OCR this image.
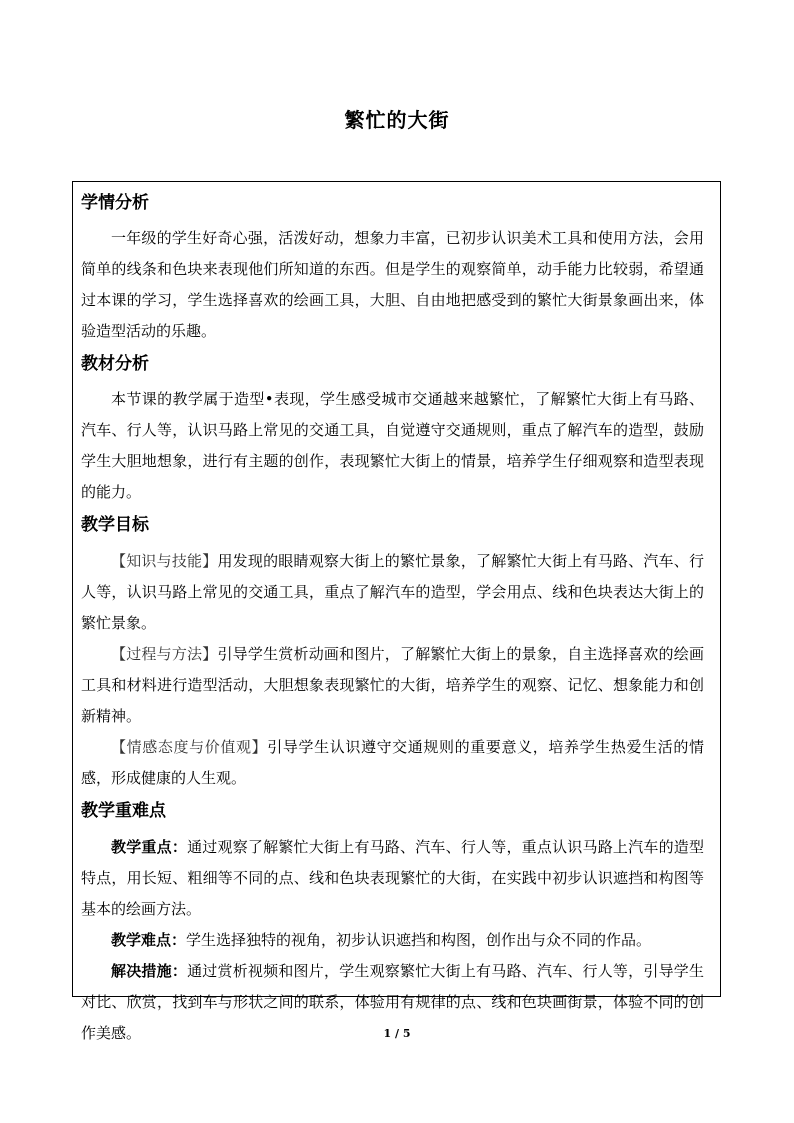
繁忙的大街
学情分析

一年级的学生好奇心强，活泼好动，想象力丰富，已初步认识美术工具和使用方法，会用简单的线条和色块来表现他们所知道的东西。但是学生的观察简单，动手能力比较弱，希望通过本课的学习，学生选择喜欢的绘画工具，大胆、自由地把感受到的繁忙大街景象画出来，体验造型活动的乐趣。

教材分析

本节课的教学属于造型•表现，学生感受城市交通越来越繁忙，了解繁忙大街上有马路、汽车、行人等，认识马路上常见的交通工具，自觉遵守交通规则，重点了解汽车的造型，鼓励学生大胆地想象，进行有主题的创作，表现繁忙大街上的情景，培养学生仔细观察和造型表现的能力。

教学目标

【知识与技能】用发现的眼睛观察大街上的繁忙景象，了解繁忙大街上有马路、汽车、行人等，认识马路上常见的交通工具，重点了解汽车的造型，学会用点、线和色块表达大街上的繁忙景象。

【过程与方法】引导学生赏析动画和图片，了解繁忙大街上的景象，自主选择喜欢的绘画工具和材料进行造型活动，大胆想象表现繁忙的大街，培养学生的观察、记忆、想象能力和创新精神。

【情感态度与价值观】引导学生认识遵守交通规则的重要意义，培养学生热爱生活的情感，形成健康的人生观。

教学重难点

教学重点：通过观察了解繁忙大街上有马路、汽车、行人等，重点认识马路上汽车的造型特点，用长短、粗细等不同的点、线和色块表现繁忙的大街，在实践中初步认识遮挡和构图等基本的绘画方法。

教学难点：学生选择独特的视角，初步认识遮挡和构图，创作出与众不同的作品。

解决措施：通过赏析视频和图片，学生观察繁忙大街上有马路、汽车、行人等，引导学生对比、欣赏，找到车与形状之间的联系，体验用有规律的点、线和色块画街景，体验不同的创作美感。	1 / 5
